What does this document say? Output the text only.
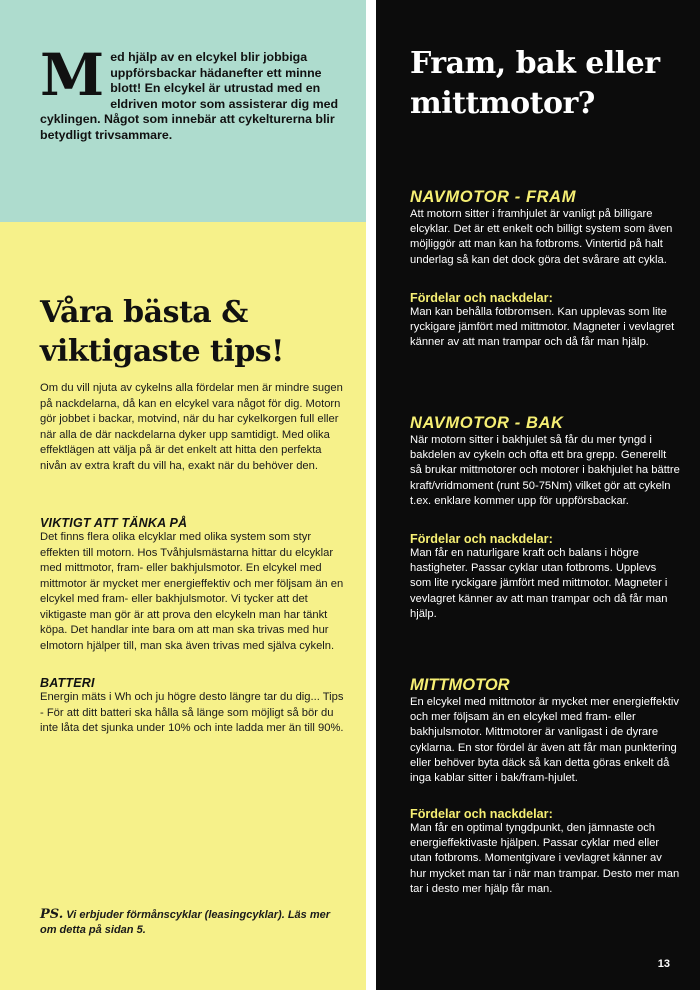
M ed hjälp av en elcykel blir jobbiga uppförsbackar hädanefter ett minne blott! En elcykel är utrustad med en eldriven motor som assisterar dig med cyklingen. Något som innebär att cykelturerna blir betydligt trivsammare.
Våra bästa &
viktigaste tips!
Om du vill njuta av cykelns alla fördelar men är mindre sugen på nackdelarna, då kan en elcykel vara något för dig. Motorn gör jobbet i backar, motvind, när du har cykelkorgen full eller när alla de där nackdelarna dyker upp samtidigt. Med olika effektlägen att välja på är det enkelt att hitta den perfekta nivån av extra kraft du vill ha, exakt när du behöver den.
VIKTIGT ATT TÄNKA PÅ
Det finns flera olika elcyklar med olika system som styr effekten till motorn. Hos Tvåhjulsmästarna hittar du elcyklar med mittmotor, fram- eller bakhjulsmotor. En elcykel med mittmotor är mycket mer energieffektiv och mer följsam än en elcykel med fram- eller bakhjulsmotor. Vi tycker att det viktigaste man gör är att prova den elcykeln man har tänkt köpa. Det handlar inte bara om att man ska trivas med hur elmotorn hjälper till, man ska även trivas med själva cykeln.
BATTERI
Energin mäts i Wh och ju högre desto längre tar du dig... Tips - För att ditt batteri ska hålla så länge som möjligt så bör du inte låta det sjunka under 10% och inte ladda mer än till 90%.
PS. Vi erbjuder förmånscyklar (leasingcyklar). Läs mer om detta på sidan 5.
Fram, bak eller
mittmotor?
NAVMOTOR - FRAM
Att motorn sitter i framhjulet är vanligt på billigare elcyklar. Det är ett enkelt och billigt system som även möjliggör att man kan ha fotbroms. Vintertid på halt underlag så kan det dock göra det svårare att cykla.
Fördelar och nackdelar:
Man kan behålla fotbromsen. Kan upplevas som lite ryckigare jämfört med mittmotor. Magneter i vevlagret känner av att man trampar och då får man hjälp.
NAVMOTOR - BAK
När motorn sitter i bakhjulet så får du mer tyngd i bakdelen av cykeln och ofta ett bra grepp. Generellt så brukar mittmotorer och motorer i bakhjulet ha bättre kraft/vridmoment (runt 50-75Nm) vilket gör att cykeln t.ex. enklare kommer upp för uppförsbackar.
Fördelar och nackdelar:
Man får en naturligare kraft och balans i högre hastigheter. Passar cyklar utan fotbroms. Upplevs som lite ryckigare jämfört med mittmotor. Magneter i vevlagret känner av att man trampar och då får man hjälp.
MITTMOTOR
En elcykel med mittmotor är mycket mer energieffektiv och mer följsam än en elcykel med fram- eller bakhjulsmotor. Mittmotorer är vanligast i de dyrare cyklarna. En stor fördel är även att får man punktering eller behöver byta däck så kan detta göras enkelt då inga kablar sitter i bak/fram-hjulet.
Fördelar och nackdelar:
Man får en optimal tyngdpunkt, den jämnaste och energieffektivaste hjälpen. Passar cyklar med eller utan fotbroms. Momentgivare i vevlagret känner av hur mycket man tar i när man trampar. Desto mer man tar i desto mer hjälp får man.
13
